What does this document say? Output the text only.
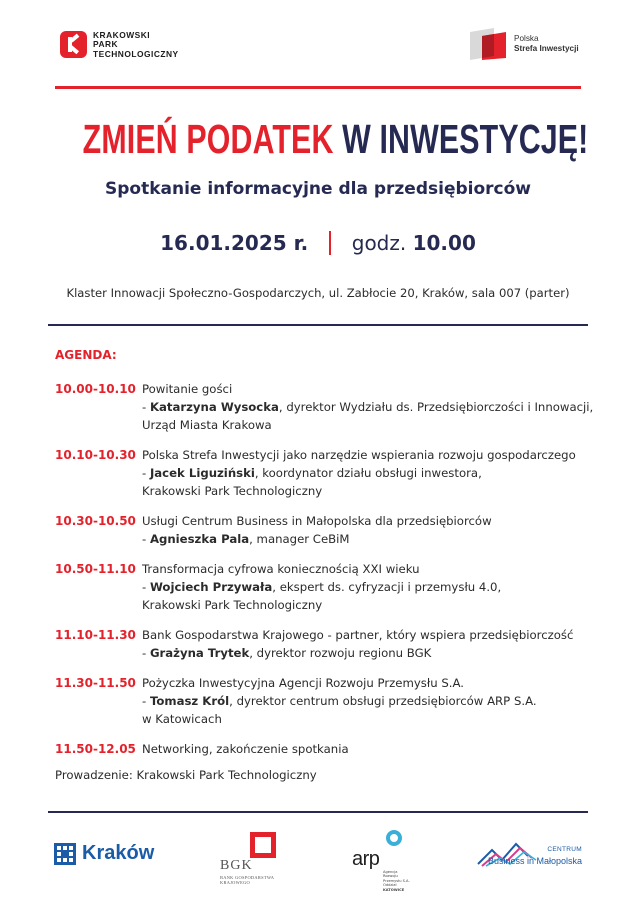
KRAKOWSKI
PARK
TECHNOLOGICZNY
Polska
Strefa Inwestycji
ZMIEŃ PODATEK W INWESTYCJĘ!
Spotkanie informacyjne dla przedsiębiorców
16.01.2025 r. godz. 10.00
Klaster Innowacji Społeczno-Gospodarczych, ul. Zabłocie 20, Kraków, sala 007 (parter)
AGENDA:
10.00-10.10 Powitanie gości
- Katarzyna Wysocka, dyrektor Wydziału ds. Przedsiębiorczości i Innowacji,
Urząd Miasta Krakowa
10.10-10.30 Polska Strefa Inwestycji jako narzędzie wspierania rozwoju gospodarczego
- Jacek Liguziński, koordynator działu obsługi inwestora,
Krakowski Park Technologiczny
10.30-10.50 Usługi Centrum Business in Małopolska dla przedsiębiorców
- Agnieszka Pala, manager CeBiM
10.50-11.10 Transformacja cyfrowa koniecznością XXI wieku
- Wojciech Przywała, ekspert ds. cyfryzacji i przemysłu 4.0,
Krakowski Park Technologiczny
11.10-11.30 Bank Gospodarstwa Krajowego - partner, który wspiera przedsiębiorczość
- Grażyna Trytek, dyrektor rozwoju regionu BGK
11.30-11.50 Pożyczka Inwestycyjna Agencji Rozwoju Przemysłu S.A.
- Tomasz Król, dyrektor centrum obsługi przedsiębiorców ARP S.A.
w Katowicach
11.50-12.05 Networking, zakończenie spotkania
Prowadzenie: Krakowski Park Technologiczny
Kraków
BGK
BANK GOSPODARSTWA
KRAJOWEGO
arp
Agencja Rozwoju
Przemysłu S.A.
Oddział
KATOWICE
CENTRUM
Business in Małopolska
